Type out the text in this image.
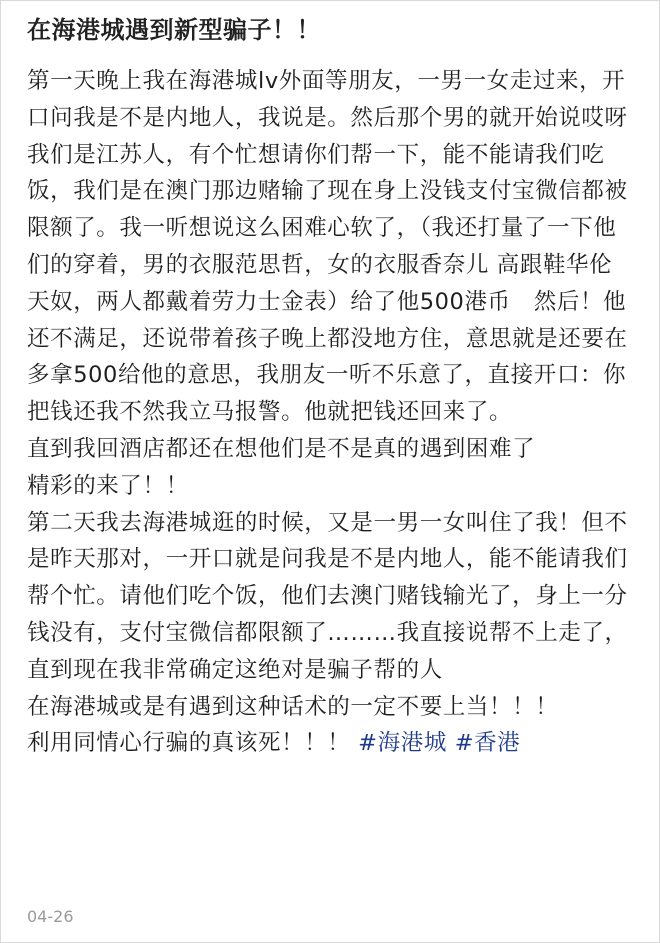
在海港城遇到新型骗子！！

第一天晚上我在海港城lv外面等朋友，一男一女走过来，开口问我是不是内地人，我说是。然后那个男的就开始说哎呀我们是江苏人，有个忙想请你们帮一下，能不能请我们吃饭，我们是在澳门那边赌输了现在身上没钱支付宝微信都被限额了。我一听想说这么困难心软了，（我还打量了一下他们的穿着，男的衣服范思哲，女的衣服香奈儿 高跟鞋华伦天奴，两人都戴着劳力士金表）给了他500港币　然后！他还不满足，还说带着孩子晚上都没地方住，意思就是还要在多拿500给他的意思，我朋友一听不乐意了，直接开口：你把钱还我不然我立马报警。他就把钱还回来了。

直到我回酒店都还在想他们是不是真的遇到困难了

精彩的来了！！

第二天我去海港城逛的时候，又是一男一女叫住了我！但不是昨天那对，一开口就是问我是不是内地人，能不能请我们帮个忙。请他们吃个饭，他们去澳门赌钱输光了，身上一分钱没有，支付宝微信都限额了………我直接说帮不上走了，直到现在我非常确定这绝对是骗子帮的人

在海港城或是有遇到这种话术的一定不要上当！！！

利用同情心行骗的真该死！！！ #海港城 #香港

04-26
